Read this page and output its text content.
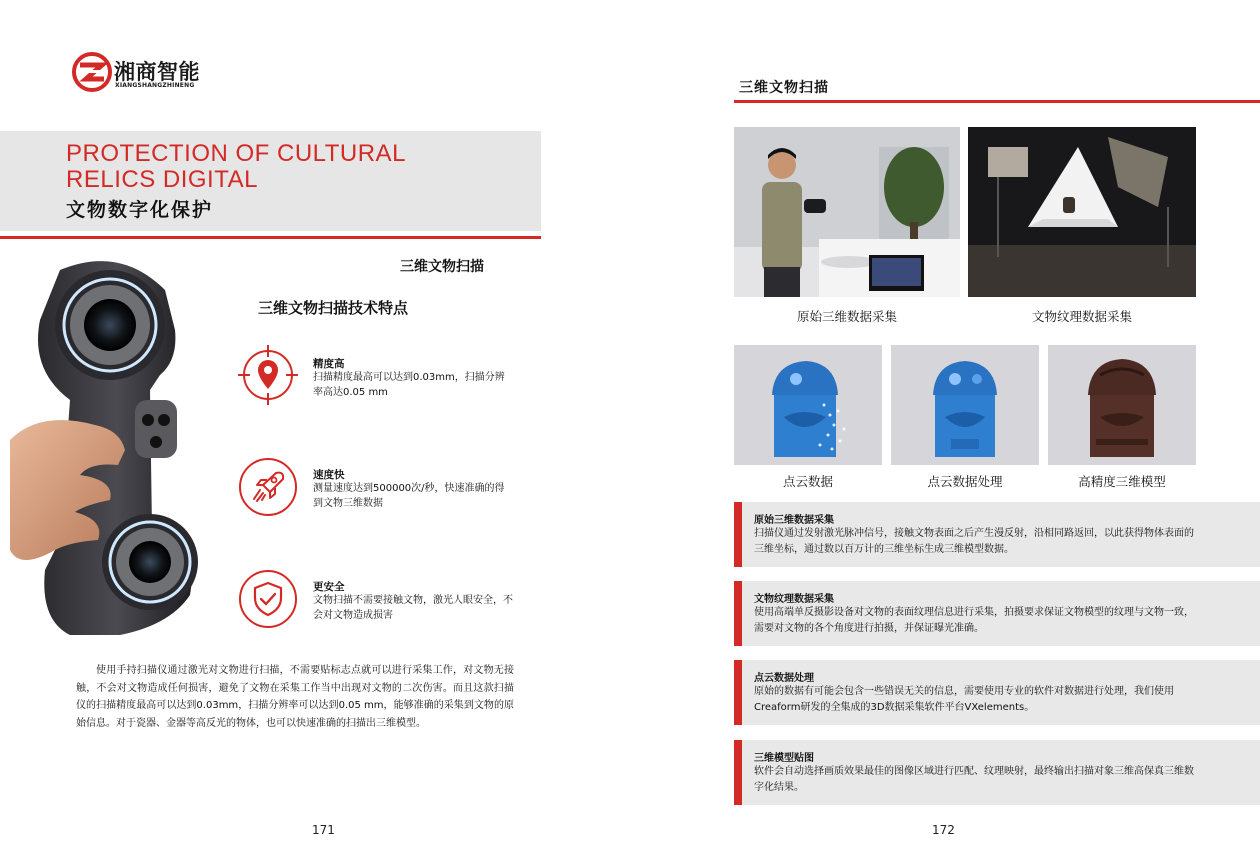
湘商智能
XIANGSHANGZHINENG
PROTECTION OF CULTURAL
RELICS DIGITAL
文物数字化保护
三维文物扫描
三维文物扫描技术特点
精度高
扫描精度最高可以达到0.03mm，扫描分辨率高达0.05 mm
速度快
测量速度达到500000次/秒，快速准确的得到文物三维数据
更安全
文物扫描不需要接触文物，激光人眼安全，不会对文物造成损害
使用手持扫描仪通过激光对文物进行扫描，不需要贴标志点就可以进行采集工作，对文物无接触，不会对文物造成任何损害，避免了文物在采集工作当中出现对文物的二次伤害。而且这款扫描仪的扫描精度最高可以达到0.03mm，扫描分辨率可以达到0.05 mm，能够准确的采集到文物的原始信息。对于瓷器、金器等高反光的物体，也可以快速准确的扫描出三维模型。
171
三维文物扫描
原始三维数据采集	文物纹理数据采集
点云数据	点云数据处理	高精度三维模型
原始三维数据采集
扫描仪通过发射激光脉冲信号，接触文物表面之后产生漫反射，沿相同路返回，以此获得物体表面的三维坐标，通过数以百万计的三维坐标生成三维模型数据。
文物纹理数据采集
使用高端单反摄影设备对文物的表面纹理信息进行采集，拍摄要求保证文物模型的纹理与文物一致，需要对文物的各个角度进行拍摄，并保证曝光准确。
点云数据处理
原始的数据有可能会包含一些错误无关的信息，需要使用专业的软件对数据进行处理，我们使用Creaform研发的全集成的3D数据采集软件平台VXelements。
三维模型贴图
软件会自动选择画质效果最佳的图像区域进行匹配、纹理映射，最终输出扫描对象三维高保真三维数字化结果。
172
